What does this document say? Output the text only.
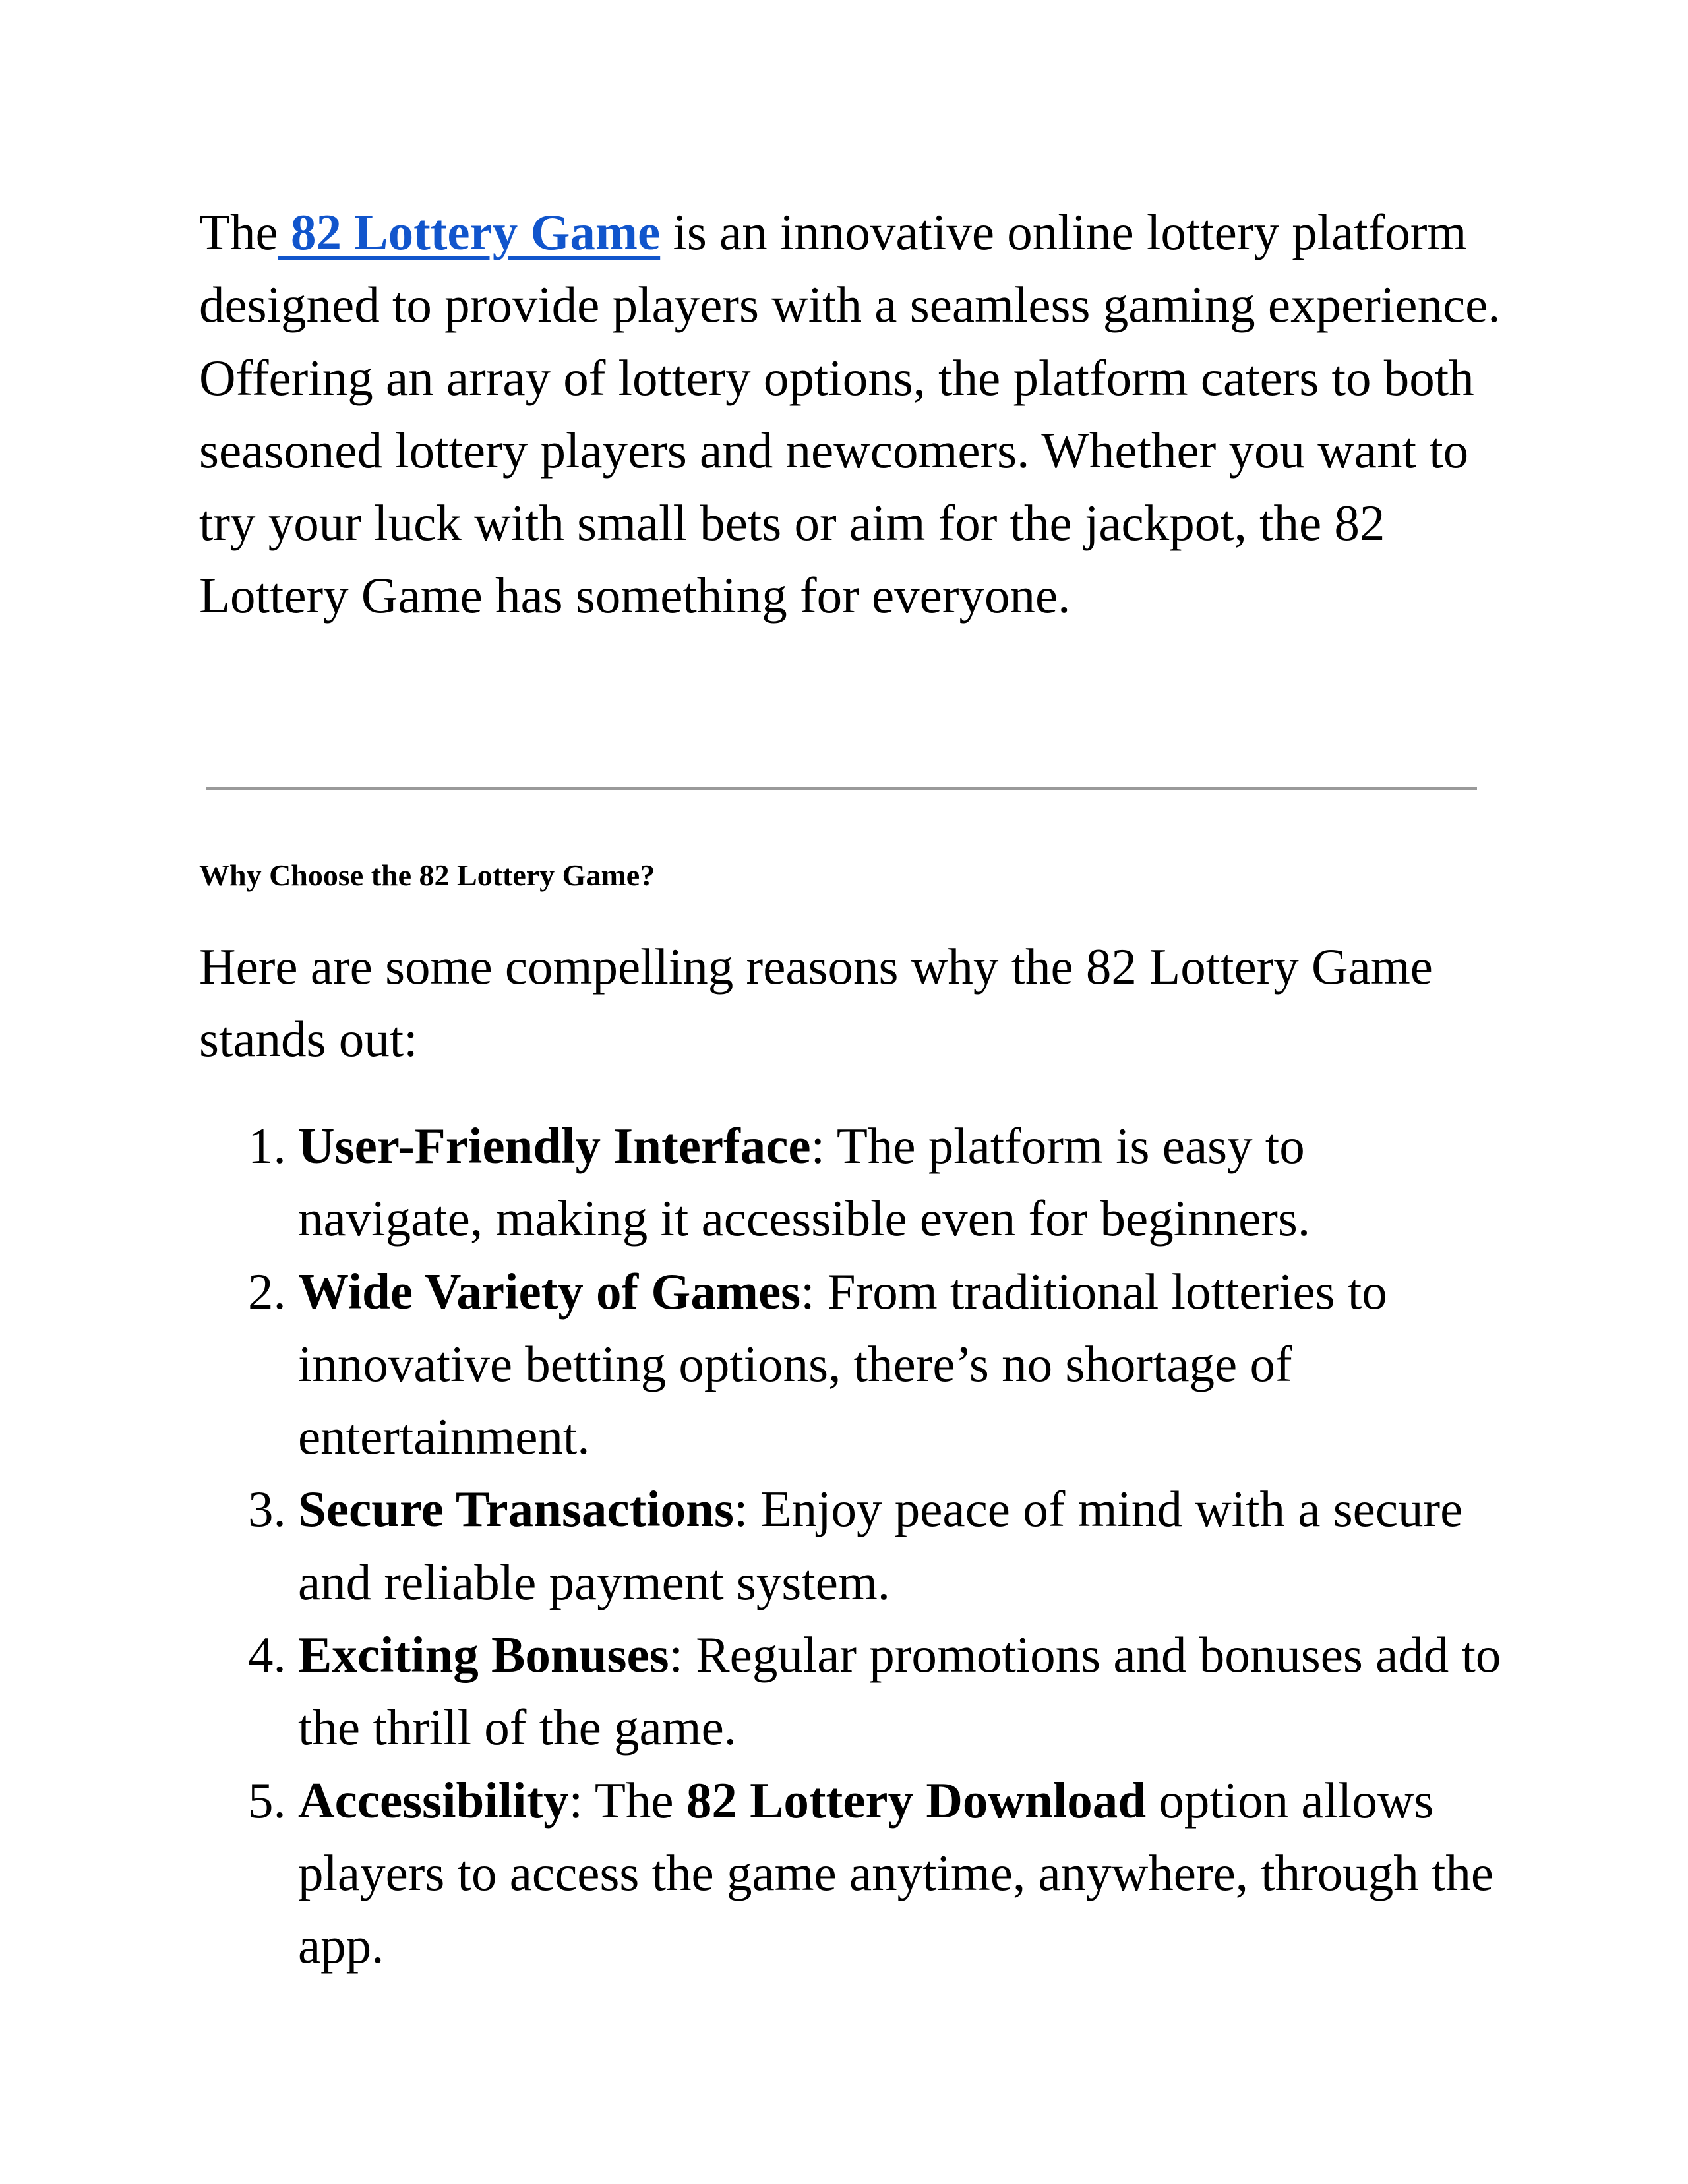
The 82 Lottery Game is an innovative online lottery platform designed to provide players with a seamless gaming experience. Offering an array of lottery options, the platform caters to both seasoned lottery players and newcomers. Whether you want to try your luck with small bets or aim for the jackpot, the 82 Lottery Game has something for everyone.

Why Choose the 82 Lottery Game?

Here are some compelling reasons why the 82 Lottery Game stands out:

1. User-Friendly Interface: The platform is easy to navigate, making it accessible even for beginners.
2. Wide Variety of Games: From traditional lotteries to innovative betting options, there’s no shortage of entertainment.
3. Secure Transactions: Enjoy peace of mind with a secure and reliable payment system.
4. Exciting Bonuses: Regular promotions and bonuses add to the thrill of the game.
5. Accessibility: The 82 Lottery Download option allows players to access the game anytime, anywhere, through the app.
